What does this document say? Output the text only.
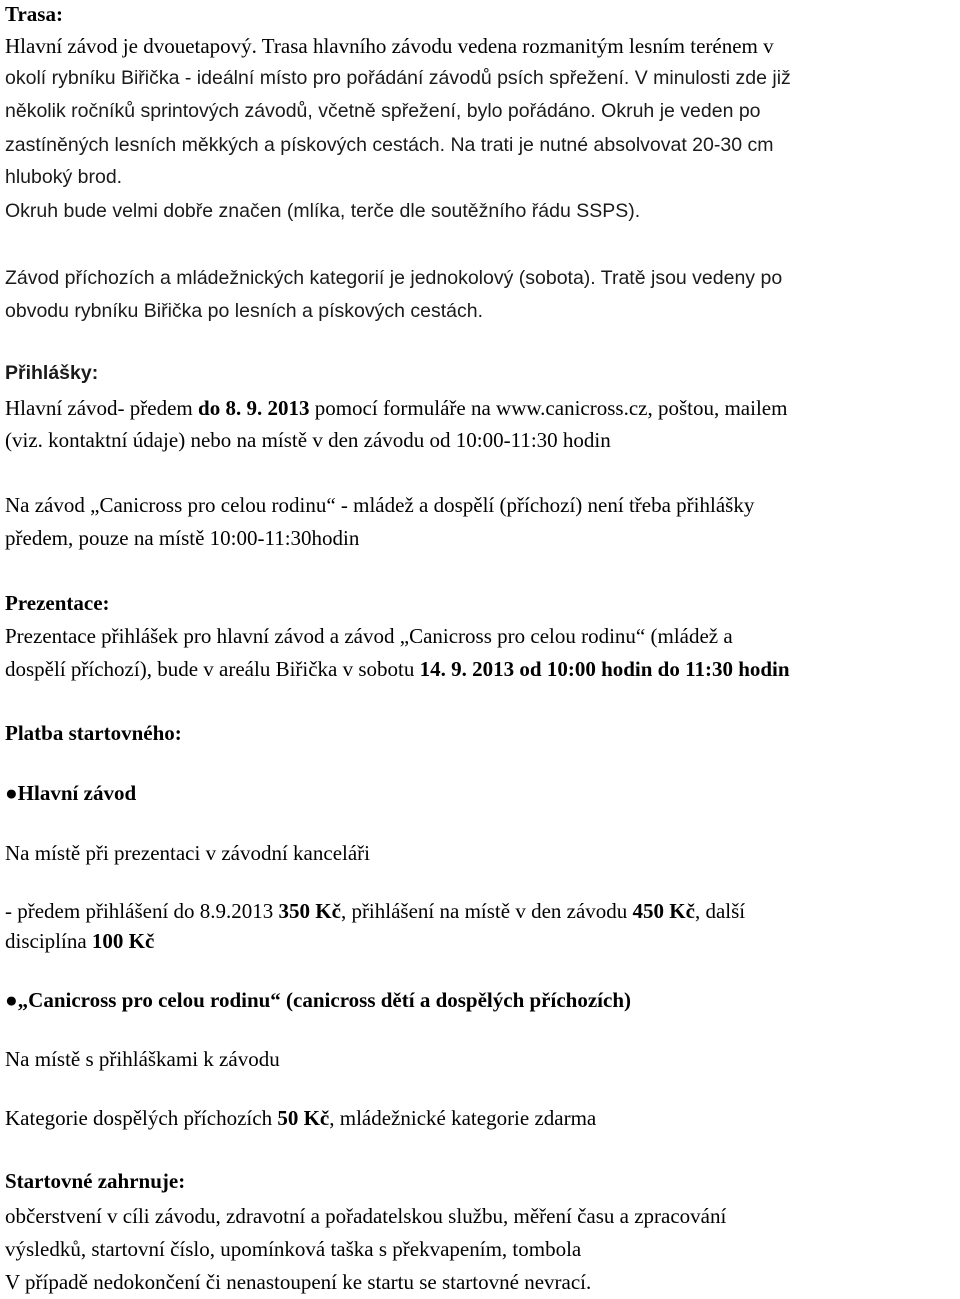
Trasa:

Hlavní závod je dvouetapový. Trasa hlavního závodu vedena rozmanitým lesním terénem v

okolí rybníku Biřička - ideální místo pro pořádání závodů psích spřežení. V minulosti zde již

několik ročníků sprintových závodů, včetně spřežení, bylo pořádáno. Okruh je veden po

zastíněných lesních měkkých a pískových cestách. Na trati je nutné absolvovat 20-30 cm

hluboký brod.

Okruh bude velmi dobře značen (mlíka, terče dle soutěžního řádu SSPS).

Závod příchozích a mládežnických kategorií je jednokolový (sobota). Tratě jsou vedeny po

obvodu rybníku Biřička po lesních a pískových cestách.

Přihlášky:

Hlavní závod- předem do 8. 9. 2013 pomocí formuláře na www.canicross.cz, poštou, mailem

(viz. kontaktní údaje) nebo na místě v den závodu od 10:00-11:30 hodin

Na závod „Canicross pro celou rodinu“ - mládež a dospělí (příchozí) není třeba přihlášky

předem, pouze na místě 10:00-11:30hodin

Prezentace:

Prezentace přihlášek pro hlavní závod a závod „Canicross pro celou rodinu“ (mládež a

dospělí příchozí), bude v areálu Biřička v sobotu 14. 9. 2013 od 10:00 hodin do 11:30 hodin

Platba startovného:

●Hlavní závod

Na místě při prezentaci v závodní kanceláři

- předem přihlášení do 8.9.2013 350 Kč, přihlášení na místě v den závodu 450 Kč, další

disciplína 100 Kč

●„Canicross pro celou rodinu“ (canicross dětí a dospělých příchozích)

Na místě s přihláškami k závodu

Kategorie dospělých příchozích 50 Kč, mládežnické kategorie zdarma

Startovné zahrnuje:

občerstvení v cíli závodu, zdravotní a pořadatelskou službu, měření času a zpracování

výsledků, startovní číslo, upomínková taška s překvapením, tombola

V případě nedokončení či nenastoupení ke startu se startovné nevrací.
